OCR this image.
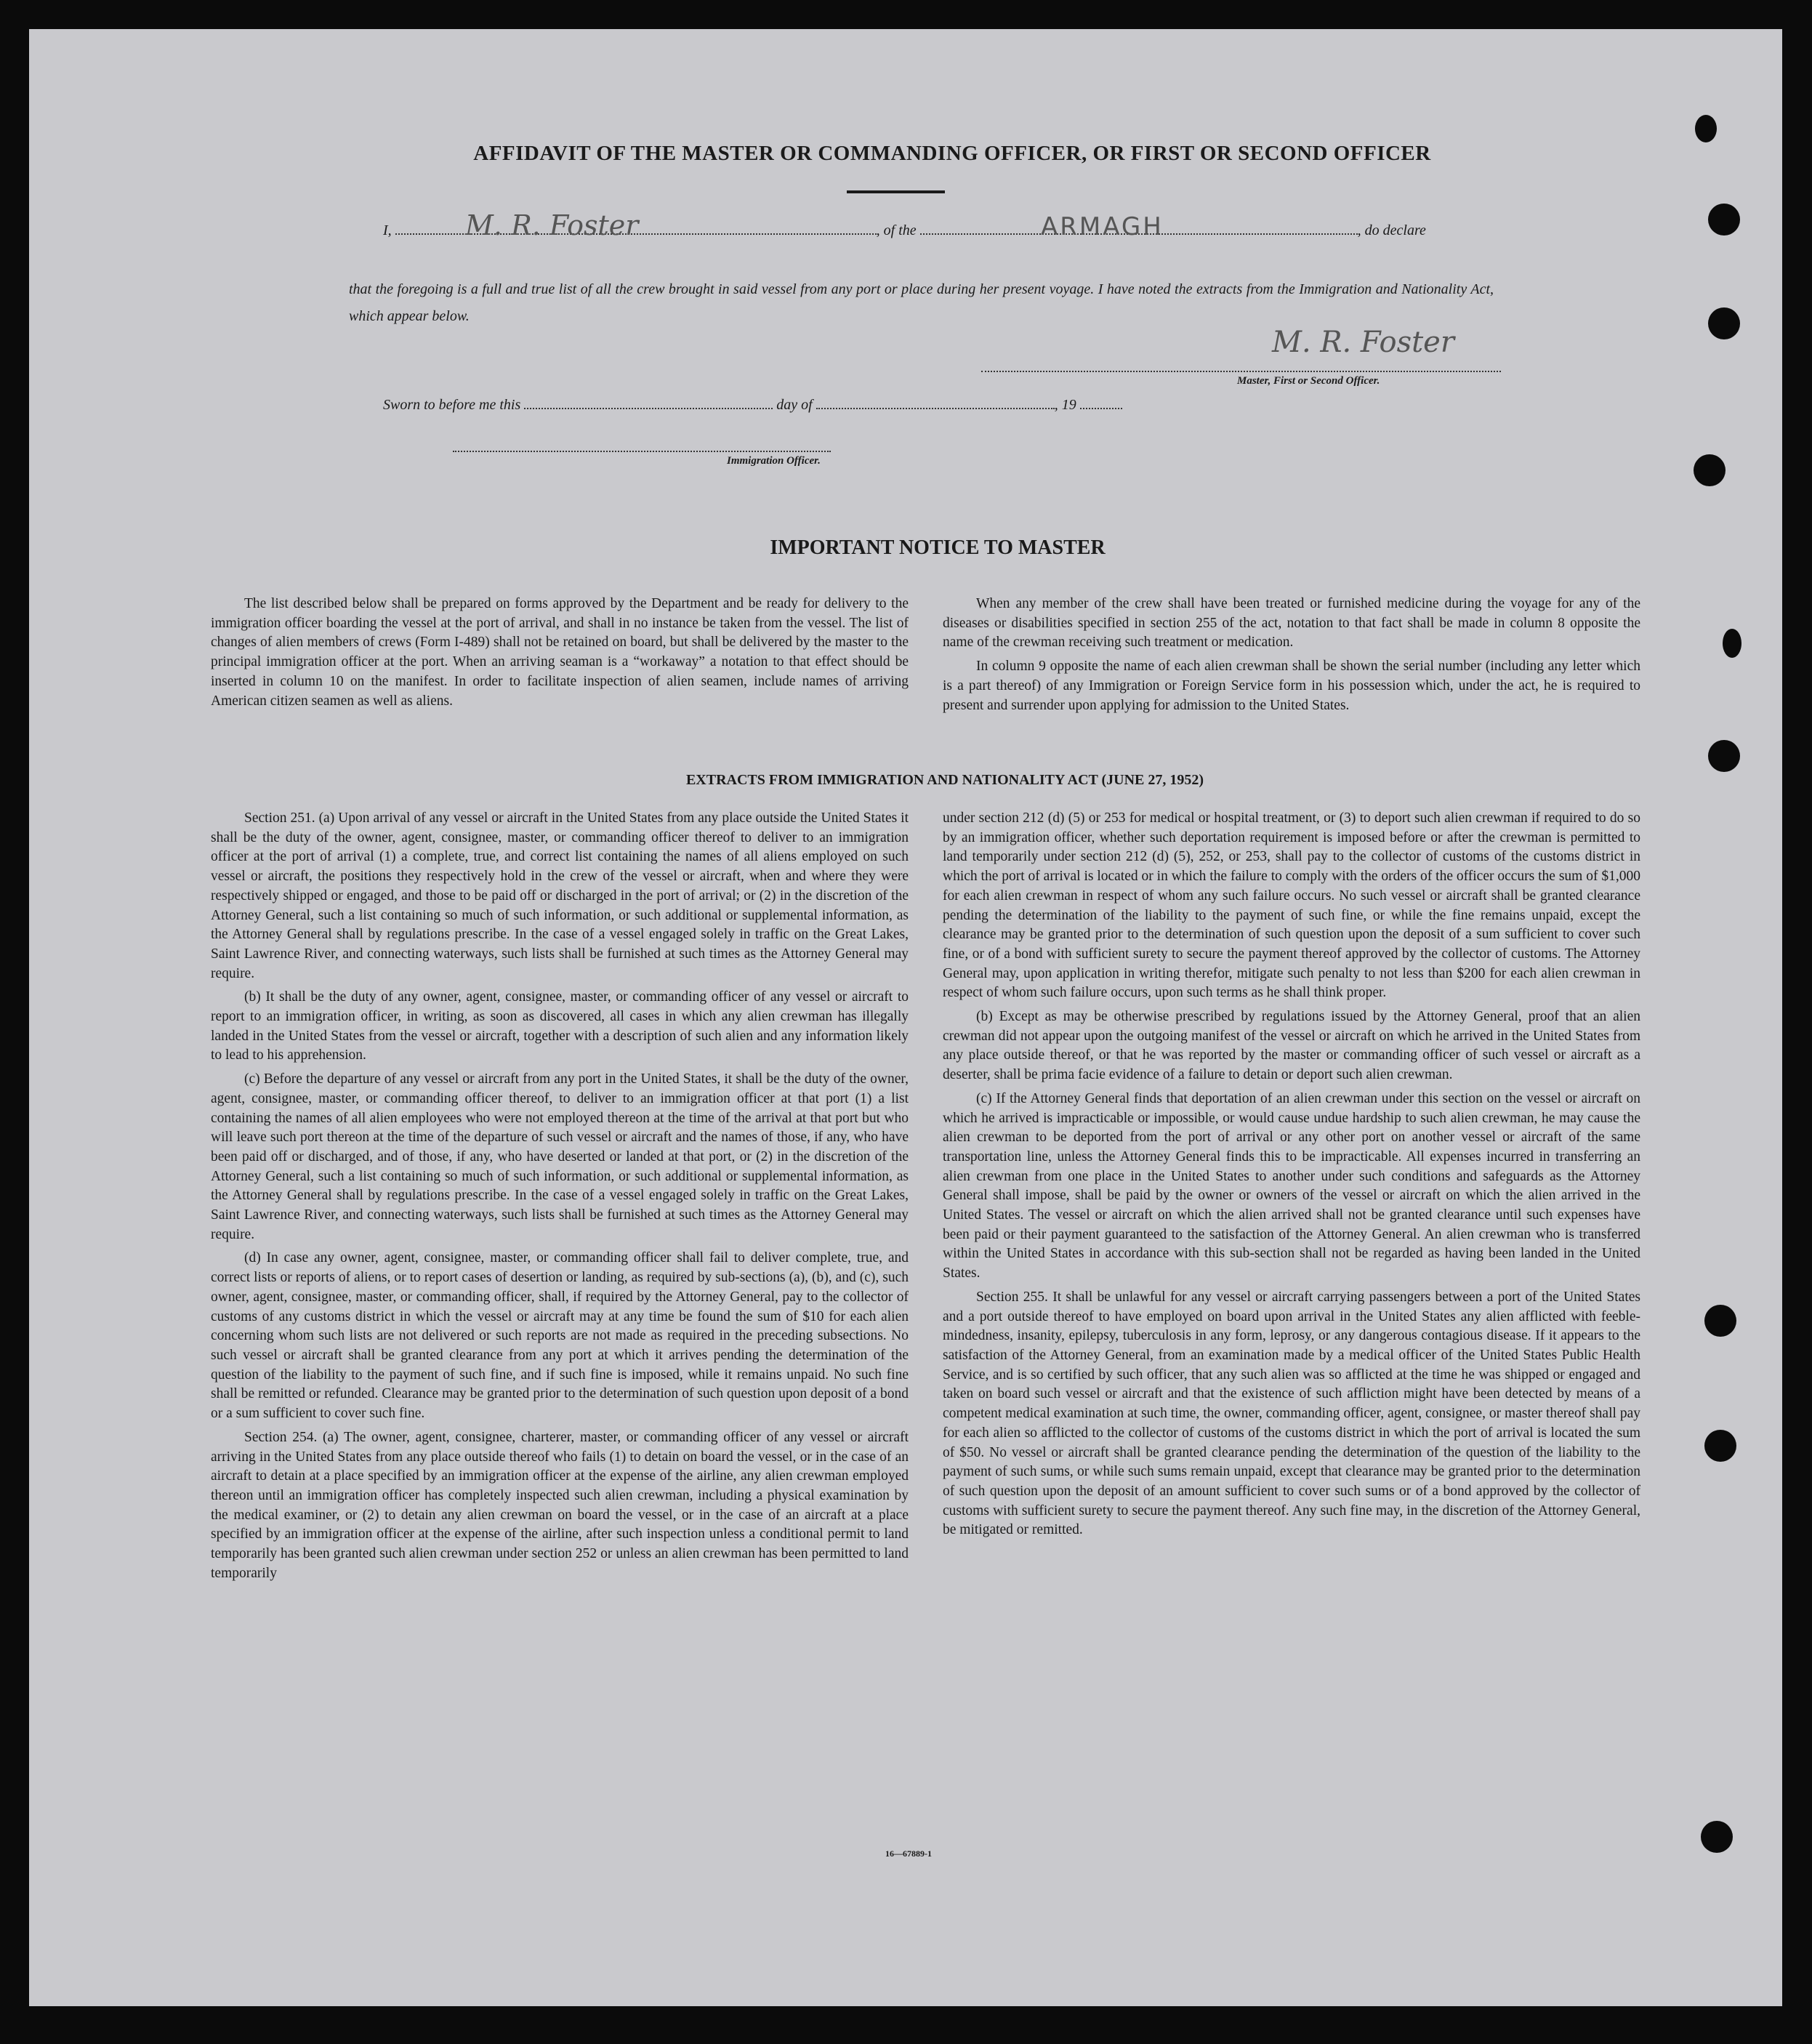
AFFIDAVIT OF THE MASTER OR COMMANDING OFFICER, OR FIRST OR SECOND OFFICER
I,	, of the	, do declare
M. R. Foster	ARMAGH
that the foregoing is a full and true list of all the crew brought in said vessel from any port or place during her present voyage. I have noted the extracts from the Immigration and Nationality Act, which appear below.
M. R. Foster
Master, First or Second Officer.
Sworn to before me this	day of	, 19
Immigration Officer.
IMPORTANT NOTICE TO MASTER

The list described below shall be prepared on forms approved by the Department and be ready for delivery to the immigration officer boarding the vessel at the port of arrival, and shall in no instance be taken from the vessel. The list of changes of alien members of crews (Form I-489) shall not be retained on board, but shall be delivered by the master to the principal immigration officer at the port. When an arriving seaman is a “workaway” a notation to that effect should be inserted in column 10 on the manifest. In order to facilitate inspection of alien seamen, include names of arriving American citizen seamen as well as aliens.

When any member of the crew shall have been treated or furnished medicine during the voyage for any of the diseases or disabilities specified in section 255 of the act, notation to that fact shall be made in column 8 opposite the name of the crewman receiving such treatment or medication.

In column 9 opposite the name of each alien crewman shall be shown the serial number (including any letter which is a part thereof) of any Immigration or Foreign Service form in his possession which, under the act, he is required to present and surrender upon applying for admission to the United States.

EXTRACTS FROM IMMIGRATION AND NATIONALITY ACT (JUNE 27, 1952)

Section 251. (a) Upon arrival of any vessel or aircraft in the United States from any place outside the United States it shall be the duty of the owner, agent, consignee, master, or commanding officer thereof to deliver to an immigration officer at the port of arrival (1) a complete, true, and correct list containing the names of all aliens employed on such vessel or aircraft, the positions they respectively hold in the crew of the vessel or aircraft, when and where they were respectively shipped or engaged, and those to be paid off or discharged in the port of arrival; or (2) in the discretion of the Attorney General, such a list containing so much of such information, or such additional or supplemental information, as the Attorney General shall by regulations prescribe. In the case of a vessel engaged solely in traffic on the Great Lakes, Saint Lawrence River, and connecting waterways, such lists shall be furnished at such times as the Attorney General may require.

(b) It shall be the duty of any owner, agent, consignee, master, or commanding officer of any vessel or aircraft to report to an immigration officer, in writing, as soon as discovered, all cases in which any alien crewman has illegally landed in the United States from the vessel or aircraft, together with a description of such alien and any information likely to lead to his apprehension.

(c) Before the departure of any vessel or aircraft from any port in the United States, it shall be the duty of the owner, agent, consignee, master, or commanding officer thereof, to deliver to an immigration officer at that port (1) a list containing the names of all alien employees who were not employed thereon at the time of the arrival at that port but who will leave such port thereon at the time of the departure of such vessel or aircraft and the names of those, if any, who have been paid off or discharged, and of those, if any, who have deserted or landed at that port, or (2) in the discretion of the Attorney General, such a list containing so much of such information, or such additional or supplemental information, as the Attorney General shall by regulations prescribe. In the case of a vessel engaged solely in traffic on the Great Lakes, Saint Lawrence River, and connecting waterways, such lists shall be furnished at such times as the Attorney General may require.

(d) In case any owner, agent, consignee, master, or commanding officer shall fail to deliver complete, true, and correct lists or reports of aliens, or to report cases of desertion or landing, as required by sub-sections (a), (b), and (c), such owner, agent, consignee, master, or commanding officer, shall, if required by the Attorney General, pay to the collector of customs of any customs district in which the vessel or aircraft may at any time be found the sum of $10 for each alien concerning whom such lists are not delivered or such reports are not made as required in the preceding subsections. No such vessel or aircraft shall be granted clearance from any port at which it arrives pending the determination of the question of the liability to the payment of such fine, and if such fine is imposed, while it remains unpaid. No such fine shall be remitted or refunded. Clearance may be granted prior to the determination of such question upon deposit of a bond or a sum sufficient to cover such fine.

Section 254. (a) The owner, agent, consignee, charterer, master, or commanding officer of any vessel or aircraft arriving in the United States from any place outside thereof who fails (1) to detain on board the vessel, or in the case of an aircraft to detain at a place specified by an immigration officer at the expense of the airline, any alien crewman employed thereon until an immigration officer has completely inspected such alien crewman, including a physical examination by the medical examiner, or (2) to detain any alien crewman on board the vessel, or in the case of an aircraft at a place specified by an immigration officer at the expense of the airline, after such inspection unless a conditional permit to land temporarily has been granted such alien crewman under section 252 or unless an alien crewman has been permitted to land temporarily

under section 212 (d) (5) or 253 for medical or hospital treatment, or (3) to deport such alien crewman if required to do so by an immigration officer, whether such deportation requirement is imposed before or after the crewman is permitted to land temporarily under section 212 (d) (5), 252, or 253, shall pay to the collector of customs of the customs district in which the port of arrival is located or in which the failure to comply with the orders of the officer occurs the sum of $1,000 for each alien crewman in respect of whom any such failure occurs. No such vessel or aircraft shall be granted clearance pending the determination of the liability to the payment of such fine, or while the fine remains unpaid, except the clearance may be granted prior to the determination of such question upon the deposit of a sum sufficient to cover such fine, or of a bond with sufficient surety to secure the payment thereof approved by the collector of customs. The Attorney General may, upon application in writing therefor, mitigate such penalty to not less than $200 for each alien crewman in respect of whom such failure occurs, upon such terms as he shall think proper.

(b) Except as may be otherwise prescribed by regulations issued by the Attorney General, proof that an alien crewman did not appear upon the outgoing manifest of the vessel or aircraft on which he arrived in the United States from any place outside thereof, or that he was reported by the master or commanding officer of such vessel or aircraft as a deserter, shall be prima facie evidence of a failure to detain or deport such alien crewman.

(c) If the Attorney General finds that deportation of an alien crewman under this section on the vessel or aircraft on which he arrived is impracticable or impossible, or would cause undue hardship to such alien crewman, he may cause the alien crewman to be deported from the port of arrival or any other port on another vessel or aircraft of the same transportation line, unless the Attorney General finds this to be impracticable. All expenses incurred in transferring an alien crewman from one place in the United States to another under such conditions and safeguards as the Attorney General shall impose, shall be paid by the owner or owners of the vessel or aircraft on which the alien arrived in the United States. The vessel or aircraft on which the alien arrived shall not be granted clearance until such expenses have been paid or their payment guaranteed to the satisfaction of the Attorney General. An alien crewman who is transferred within the United States in accordance with this sub-section shall not be regarded as having been landed in the United States.

Section 255. It shall be unlawful for any vessel or aircraft carrying passengers between a port of the United States and a port outside thereof to have employed on board upon arrival in the United States any alien afflicted with feeble-mindedness, insanity, epilepsy, tuberculosis in any form, leprosy, or any dangerous contagious disease. If it appears to the satisfaction of the Attorney General, from an examination made by a medical officer of the United States Public Health Service, and is so certified by such officer, that any such alien was so afflicted at the time he was shipped or engaged and taken on board such vessel or aircraft and that the existence of such affliction might have been detected by means of a competent medical examination at such time, the owner, commanding officer, agent, consignee, or master thereof shall pay for each alien so afflicted to the collector of customs of the customs district in which the port of arrival is located the sum of $50. No vessel or aircraft shall be granted clearance pending the determination of the question of the liability to the payment of such sums, or while such sums remain unpaid, except that clearance may be granted prior to the determination of such question upon the deposit of an amount sufficient to cover such sums or of a bond approved by the collector of customs with sufficient surety to secure the payment thereof. Any such fine may, in the discretion of the Attorney General, be mitigated or remitted.

16—67889-1
